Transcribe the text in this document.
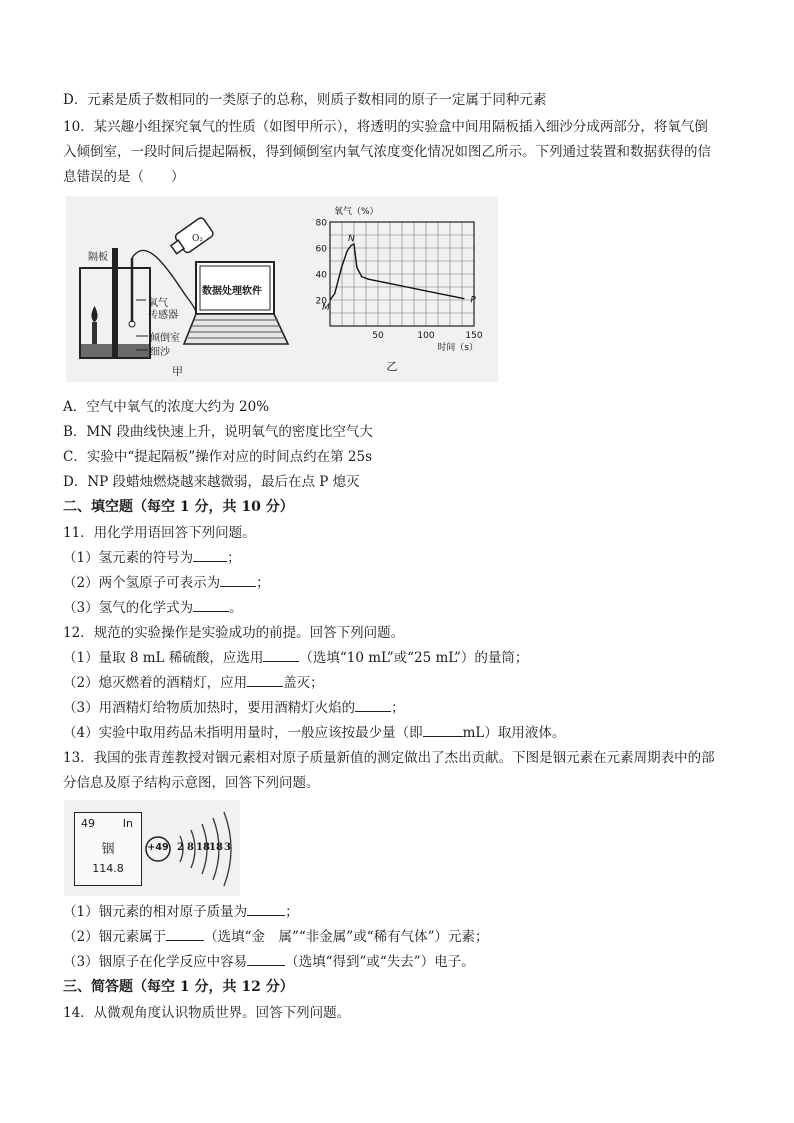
D．元素是质子数相同的一类原子的总称，则质子数相同的原子一定属于同种元素
10．某兴趣小组探究氧气的性质（如图甲所示），将透明的实验盒中间用隔板插入细沙分成两部分，将氧气倒
入倾倒室，一段时间后提起隔板，得到倾倒室内氧气浓度变化情况如图乙所示。下列通过装置和数据获得的信
息错误的是（　　）
隔板
O₂
氧气
传感器
倾倒室
细沙
数据处理软件
甲
20
40
60
80
50	100	150
氧气（%）
时间（s）
乙
M
N
P
A．空气中氧气的浓度大约为 20%
B．MN 段曲线快速上升，说明氧气的密度比空气大
C．实验中“提起隔板”操作对应的时间点约在第 25s
D．NP 段蜡烛燃烧越来越微弱，最后在点 P 熄灭
二、填空题（每空 1 分，共 10 分）
11．用化学用语回答下列问题。
（1）氢元素的符号为	；
（2）两个氢原子可表示为	；
（3）氢气的化学式为	。
12．规范的实验操作是实验成功的前提。回答下列问题。
（1）量取 8 mL 稀硫酸，应选用	（选填“10 mL”或“25 mL”）的量筒；
（2）熄灭燃着的酒精灯，应用	盖灭；
（3）用酒精灯给物质加热时，要用酒精灯火焰的	；
（4）实验中取用药品未指明用量时，一般应该按最少量（即	mL）取用液体。
13．我国的张青莲教授对铟元素相对原子质量新值的测定做出了杰出贡献。下图是铟元素在元素周期表中的部
分信息及原子结构示意图，回答下列问题。
49	In
铟
114.8
+49 2 8 18 18 3
（1）铟元素的相对原子质量为	；
（2）铟元素属于	（选填“金　属”“非金属”或“稀有气体”）元素；
（3）铟原子在化学反应中容易	（选填“得到”或“失去”）电子。
三、简答题（每空 1 分，共 12 分）
14．从微观角度认识物质世界。回答下列问题。
